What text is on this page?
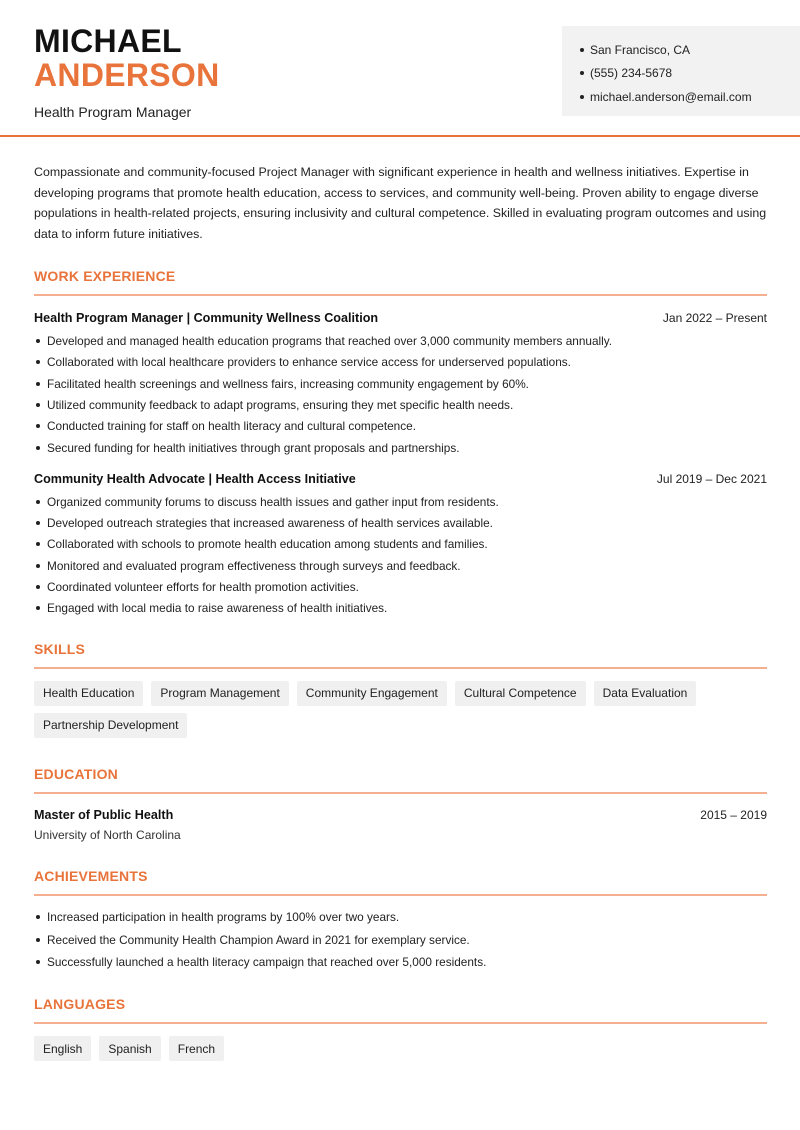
MICHAEL
ANDERSON
Health Program Manager
San Francisco, CA
(555) 234-5678
michael.anderson@email.com

Compassionate and community-focused Project Manager with significant experience in health and wellness initiatives. Expertise in developing programs that promote health education, access to services, and community well-being. Proven ability to engage diverse populations in health-related projects, ensuring inclusivity and cultural competence. Skilled in evaluating program outcomes and using data to inform future initiatives.

WORK EXPERIENCE
Health Program Manager | Community Wellness Coalition	Jan 2022 – Present
Developed and managed health education programs that reached over 3,000 community members annually.
Collaborated with local healthcare providers to enhance service access for underserved populations.
Facilitated health screenings and wellness fairs, increasing community engagement by 60%.
Utilized community feedback to adapt programs, ensuring they met specific health needs.
Conducted training for staff on health literacy and cultural competence.
Secured funding for health initiatives through grant proposals and partnerships.
Community Health Advocate | Health Access Initiative	Jul 2019 – Dec 2021
Organized community forums to discuss health issues and gather input from residents.
Developed outreach strategies that increased awareness of health services available.
Collaborated with schools to promote health education among students and families.
Monitored and evaluated program effectiveness through surveys and feedback.
Coordinated volunteer efforts for health promotion activities.
Engaged with local media to raise awareness of health initiatives.
SKILLS
Health Education	Program Management	Community Engagement	Cultural Competence	Data Evaluation
Partnership Development
EDUCATION
Master of Public Health	2015 – 2019
University of North Carolina
ACHIEVEMENTS
Increased participation in health programs by 100% over two years.
Received the Community Health Champion Award in 2021 for exemplary service.
Successfully launched a health literacy campaign that reached over 5,000 residents.
LANGUAGES
English	Spanish	French
